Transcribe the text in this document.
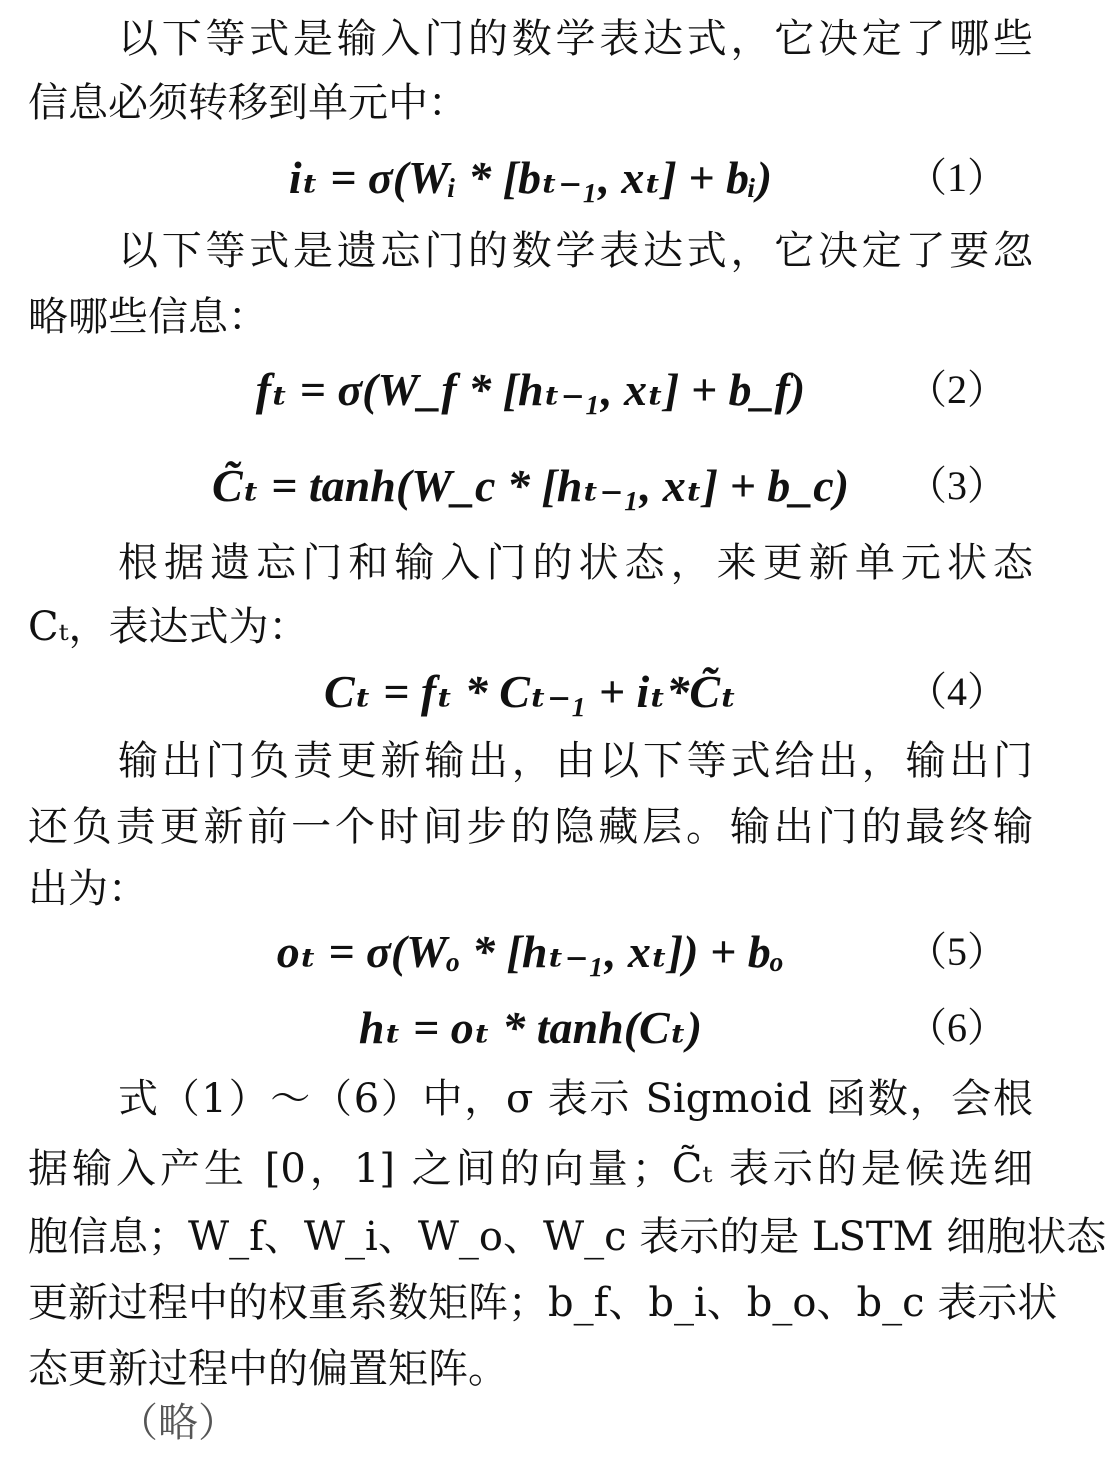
以下等式是输入门的数学表达式，它决定了哪些
信息必须转移到单元中：
iₜ = σ(Wᵢ * [bₜ₋₁, xₜ] + bᵢ)	（1）
以下等式是遗忘门的数学表达式，它决定了要忽
略哪些信息：
fₜ = σ(W_f * [hₜ₋₁, xₜ] + b_f)	（2）
C̃ₜ = tanh(W_c * [hₜ₋₁, xₜ] + b_c)	（3）
根据遗忘门和输入门的状态，来更新单元状态
Cₜ，表达式为：
Cₜ = fₜ * Cₜ₋₁ + iₜ*C̃ₜ	（4）
输出门负责更新输出，由以下等式给出，输出门
还负责更新前一个时间步的隐藏层。输出门的最终输
出为：
oₜ = σ(Wₒ * [hₜ₋₁, xₜ]) + bₒ	（5）
hₜ = oₜ * tanh(Cₜ)	（6）
式（1）～（6）中，σ 表示 Sigmoid 函数，会根
据输入产生 [0，1] 之间的向量；C̃ₜ 表示的是候选细
胞信息；W_f、W_i、W_o、W_c 表示的是 LSTM 细胞状态
更新过程中的权重系数矩阵；b_f、b_i、b_o、b_c 表示状
态更新过程中的偏置矩阵。
（略）
